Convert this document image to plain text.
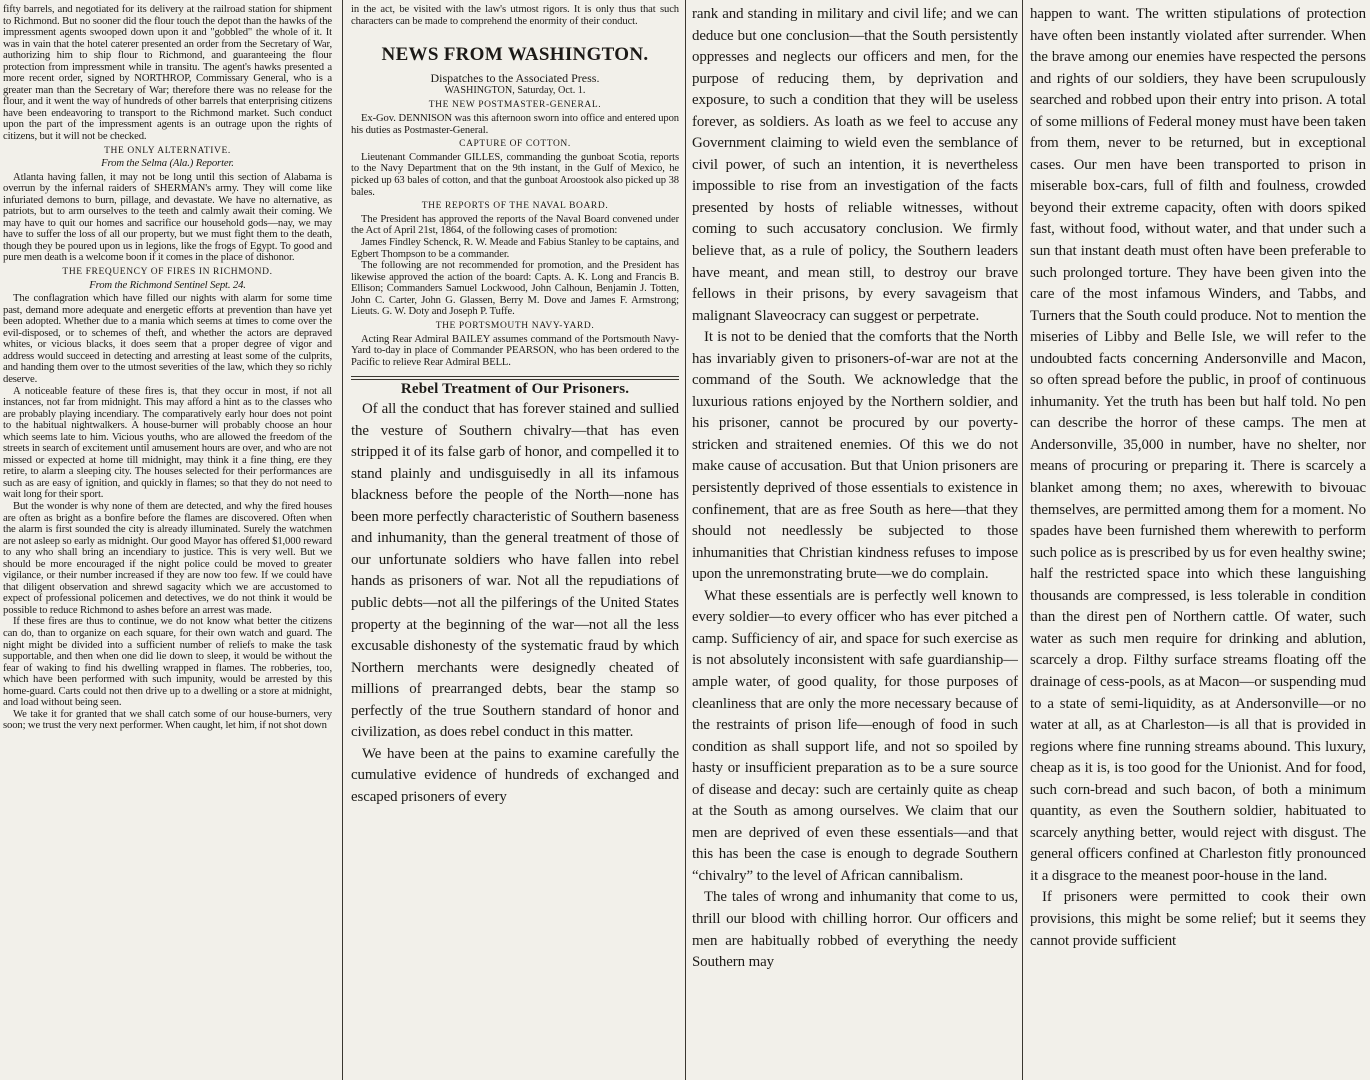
fifty barrels, and negotiated for its delivery at the railroad station for shipment to Richmond. But no sooner did the flour touch the depot than the hawks of the impressment agents swooped down upon it and "gobbled" the whole of it. It was in vain that the hotel caterer presented an order from the Secretary of War, authorizing him to ship flour to Richmond, and guaranteeing the flour protection from impressment while in transitu. The agent's hawks presented a more recent order, signed by NORTHROP, Commissary General, who is a greater man than the Secretary of War; therefore there was no release for the flour, and it went the way of hundreds of other barrels that enterprising citizens have been endeavoring to transport to the Richmond market. Such conduct upon the part of the impressment agents is an outrage upon the rights of citizens, but it will not be checked.

THE ONLY ALTERNATIVE.
From the Selma (Ala.) Reporter.

Atlanta having fallen, it may not be long until this section of Alabama is overrun by the infernal raiders of SHERMAN's army. They will come like infuriated demons to burn, pillage, and devastate. We have no alternative, as patriots, but to arm ourselves to the teeth and calmly await their coming. We may have to quit our homes and sacrifice our household gods—nay, we may have to suffer the loss of all our property, but we must fight them to the death, though they be poured upon us in legions, like the frogs of Egypt. To good and pure men death is a welcome boon if it comes in the place of dishonor.

THE FREQUENCY OF FIRES IN RICHMOND.
From the Richmond Sentinel Sept. 24.

The conflagration which have filled our nights with alarm for some time past, demand more adequate and energetic efforts at prevention than have yet been adopted. Whether due to a mania which seems at times to come over the evil-disposed, or to schemes of theft, and whether the actors are depraved whites, or vicious blacks, it does seem that a proper degree of vigor and address would succeed in detecting and arresting at least some of the culprits, and handing them over to the utmost severities of the law, which they so richly deserve.

A noticeable feature of these fires is, that they occur in most, if not all instances, not far from midnight. This may afford a hint as to the classes who are probably playing incendiary. The comparatively early hour does not point to the habitual nightwalkers. A house-burner will probably choose an hour which seems late to him. Vicious youths, who are allowed the freedom of the streets in search of excitement until amusement hours are over, and who are not missed or expected at home till midnight, may think it a fine thing, ere they retire, to alarm a sleeping city. The houses selected for their performances are such as are easy of ignition, and quickly in flames; so that they do not need to wait long for their sport.

But the wonder is why none of them are detected, and why the fired houses are often as bright as a bonfire before the flames are discovered. Often when the alarm is first sounded the city is already illuminated. Surely the watchmen are not asleep so early as midnight. Our good Mayor has offered $1,000 reward to any who shall bring an incendiary to justice. This is very well. But we should be more encouraged if the night police could be moved to greater vigilance, or their number increased if they are now too few. If we could have that diligent observation and shrewd sagacity which we are accustomed to expect of professional policemen and detectives, we do not think it would be possible to reduce Richmond to ashes before an arrest was made.

If these fires are thus to continue, we do not know what better the citizens can do, than to organize on each square, for their own watch and guard. The night might be divided into a sufficient number of reliefs to make the task supportable, and then when one did lie down to sleep, it would be without the fear of waking to find his dwelling wrapped in flames. The robberies, too, which have been performed with such impunity, would be arrested by this home-guard. Carts could not then drive up to a dwelling or a store at midnight, and load without being seen.

We take it for granted that we shall catch some of our house-burners, very soon; we trust the very next performer. When caught, let him, if not shot down

in the act, be visited with the law's utmost rigors. It is only thus that such characters can be made to comprehend the enormity of their conduct.

NEWS FROM WASHINGTON.
Dispatches to the Associated Press.
WASHINGTON, Saturday, Oct. 1.
THE NEW POSTMASTER-GENERAL.

Ex-Gov. DENNISON was this afternoon sworn into office and entered upon his duties as Postmaster-General.

CAPTURE OF COTTON.

Lieutenant Commander GILLES, commanding the gunboat Scotia, reports to the Navy Department that on the 9th instant, in the Gulf of Mexico, he picked up 63 bales of cotton, and that the gunboat Aroostook also picked up 38 bales.

THE REPORTS OF THE NAVAL BOARD.

The President has approved the reports of the Naval Board convened under the Act of April 21st, 1864, of the following cases of promotion:

James Findley Schenck, R. W. Meade and Fabius Stanley to be captains, and Egbert Thompson to be a commander.

The following are not recommended for promotion, and the President has likewise approved the action of the board: Capts. A. K. Long and Francis B. Ellison; Commanders Samuel Lockwood, John Calhoun, Benjamin J. Totten, John C. Carter, John G. Glassen, Berry M. Dove and James F. Armstrong; Lieuts. G. W. Doty and Joseph P. Tuffe.

THE PORTSMOUTH NAVY-YARD.

Acting Rear Admiral BAILEY assumes command of the Portsmouth Navy-Yard to-day in place of Commander PEARSON, who has been ordered to the Pacific to relieve Rear Admiral BELL.

Rebel Treatment of Our Prisoners.

Of all the conduct that has forever stained and sullied the vesture of Southern chivalry—that has even stripped it of its false garb of honor, and compelled it to stand plainly and undisguisedly in all its infamous blackness before the people of the North—none has been more perfectly characteristic of Southern baseness and inhumanity, than the general treatment of those of our unfortunate soldiers who have fallen into rebel hands as prisoners of war. Not all the repudiations of public debts—not all the pilferings of the United States property at the beginning of the war—not all the less excusable dishonesty of the systematic fraud by which Northern merchants were designedly cheated of millions of prearranged debts, bear the stamp so perfectly of the true Southern standard of honor and civilization, as does rebel conduct in this matter.

We have been at the pains to examine carefully the cumulative evidence of hundreds of exchanged and escaped prisoners of every

rank and standing in military and civil life; and we can deduce but one conclusion—that the South persistently oppresses and neglects our officers and men, for the purpose of reducing them, by deprivation and exposure, to such a condition that they will be useless forever, as soldiers. As loath as we feel to accuse any Government claiming to wield even the semblance of civil power, of such an intention, it is nevertheless impossible to rise from an investigation of the facts presented by hosts of reliable witnesses, without coming to such accusatory conclusion. We firmly believe that, as a rule of policy, the Southern leaders have meant, and mean still, to destroy our brave fellows in their prisons, by every savageism that malignant Slaveocracy can suggest or perpetrate.

It is not to be denied that the comforts that the North has invariably given to prisoners-of-war are not at the command of the South. We acknowledge that the luxurious rations enjoyed by the Northern soldier, and his prisoner, cannot be procured by our poverty-stricken and straitened enemies. Of this we do not make cause of accusation. But that Union prisoners are persistently deprived of those essentials to existence in confinement, that are as free South as here—that they should not needlessly be subjected to those inhumanities that Christian kindness refuses to impose upon the unremonstrating brute—we do complain.

What these essentials are is perfectly well known to every soldier—to every officer who has ever pitched a camp. Sufficiency of air, and space for such exercise as is not absolutely inconsistent with safe guardianship—ample water, of good quality, for those purposes of cleanliness that are only the more necessary because of the restraints of prison life—enough of food in such condition as shall support life, and not so spoiled by hasty or insufficient preparation as to be a sure source of disease and decay: such are certainly quite as cheap at the South as among ourselves. We claim that our men are deprived of even these essentials—and that this has been the case is enough to degrade Southern “chivalry” to the level of African cannibalism.

The tales of wrong and inhumanity that come to us, thrill our blood with chilling horror. Our officers and men are habitually robbed of everything the needy Southern may

happen to want. The written stipulations of protection have often been instantly violated after surrender. When the brave among our enemies have respected the persons and rights of our soldiers, they have been scrupulously searched and robbed upon their entry into prison. A total of some millions of Federal money must have been taken from them, never to be returned, but in exceptional cases. Our men have been transported to prison in miserable box-cars, full of filth and foulness, crowded beyond their extreme capacity, often with doors spiked fast, without food, without water, and that under such a sun that instant death must often have been preferable to such prolonged torture. They have been given into the care of the most infamous Winders, and Tabbs, and Turners that the South could produce. Not to mention the miseries of Libby and Belle Isle, we will refer to the undoubted facts concerning Andersonville and Macon, so often spread before the public, in proof of continuous inhumanity. Yet the truth has been but half told. No pen can describe the horror of these camps. The men at Andersonville, 35,000 in number, have no shelter, nor means of procuring or preparing it. There is scarcely a blanket among them; no axes, wherewith to bivouac themselves, are permitted among them for a moment. No spades have been furnished them wherewith to perform such police as is prescribed by us for even healthy swine; half the restricted space into which these languishing thousands are compressed, is less tolerable in condition than the direst pen of Northern cattle. Of water, such water as such men require for drinking and ablution, scarcely a drop. Filthy surface streams floating off the drainage of cess-pools, as at Macon—or suspending mud to a state of semi-liquidity, as at Andersonville—or no water at all, as at Charleston—is all that is provided in regions where fine running streams abound. This luxury, cheap as it is, is too good for the Unionist. And for food, such corn-bread and such bacon, of both a minimum quantity, as even the Southern soldier, habituated to scarcely anything better, would reject with disgust. The general officers confined at Charleston fitly pronounced it a disgrace to the meanest poor-house in the land.

If prisoners were permitted to cook their own provisions, this might be some relief; but it seems they cannot provide sufficient
